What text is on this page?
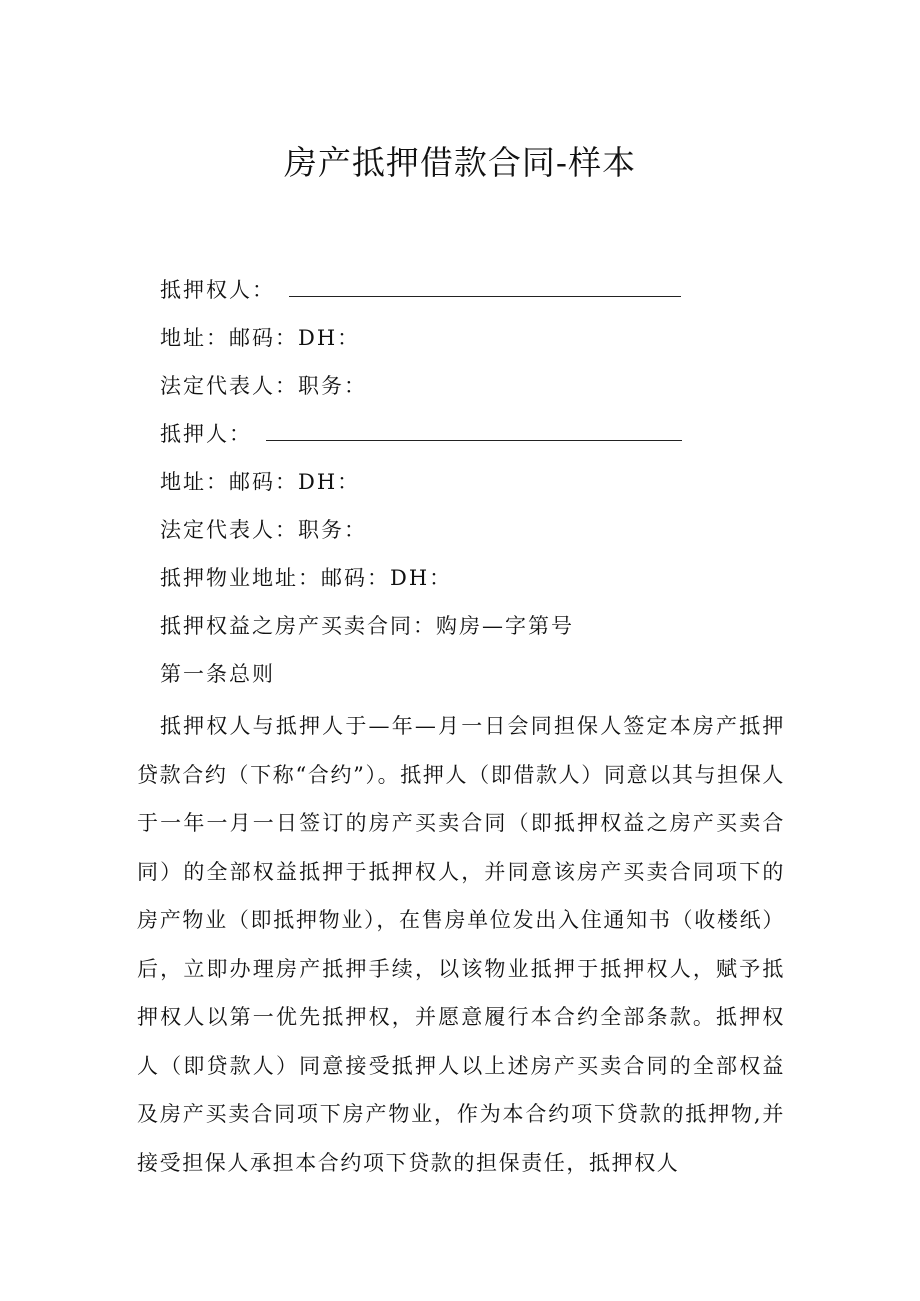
房产抵押借款合同-样本
抵押权人：
地址：邮码：DH：
法定代表人：职务：
抵押人：
地址：邮码：DH：
法定代表人：职务：
抵押物业地址：邮码：DH：
抵押权益之房产买卖合同：购房—字第号
第一条总则

抵押权人与抵押人于—年—月一日会同担保人签定本房产抵押贷款合约（下称“合约”）。抵押人（即借款人）同意以其与担保人于一年一月一日签订的房产买卖合同（即抵押权益之房产买卖合同）的全部权益抵押于抵押权人，并同意该房产买卖合同项下的房产物业（即抵押物业），在售房单位发出入住通知书（收楼纸）后，立即办理房产抵押手续，以该物业抵押于抵押权人，赋予抵押权人以第一优先抵押权，并愿意履行本合约全部条款。抵押权人（即贷款人）同意接受抵押人以上述房产买卖合同的全部权益及房产买卖合同项下房产物业，作为本合约项下贷款的抵押物,并接受担保人承担本合约项下贷款的担保责任，抵押权人
